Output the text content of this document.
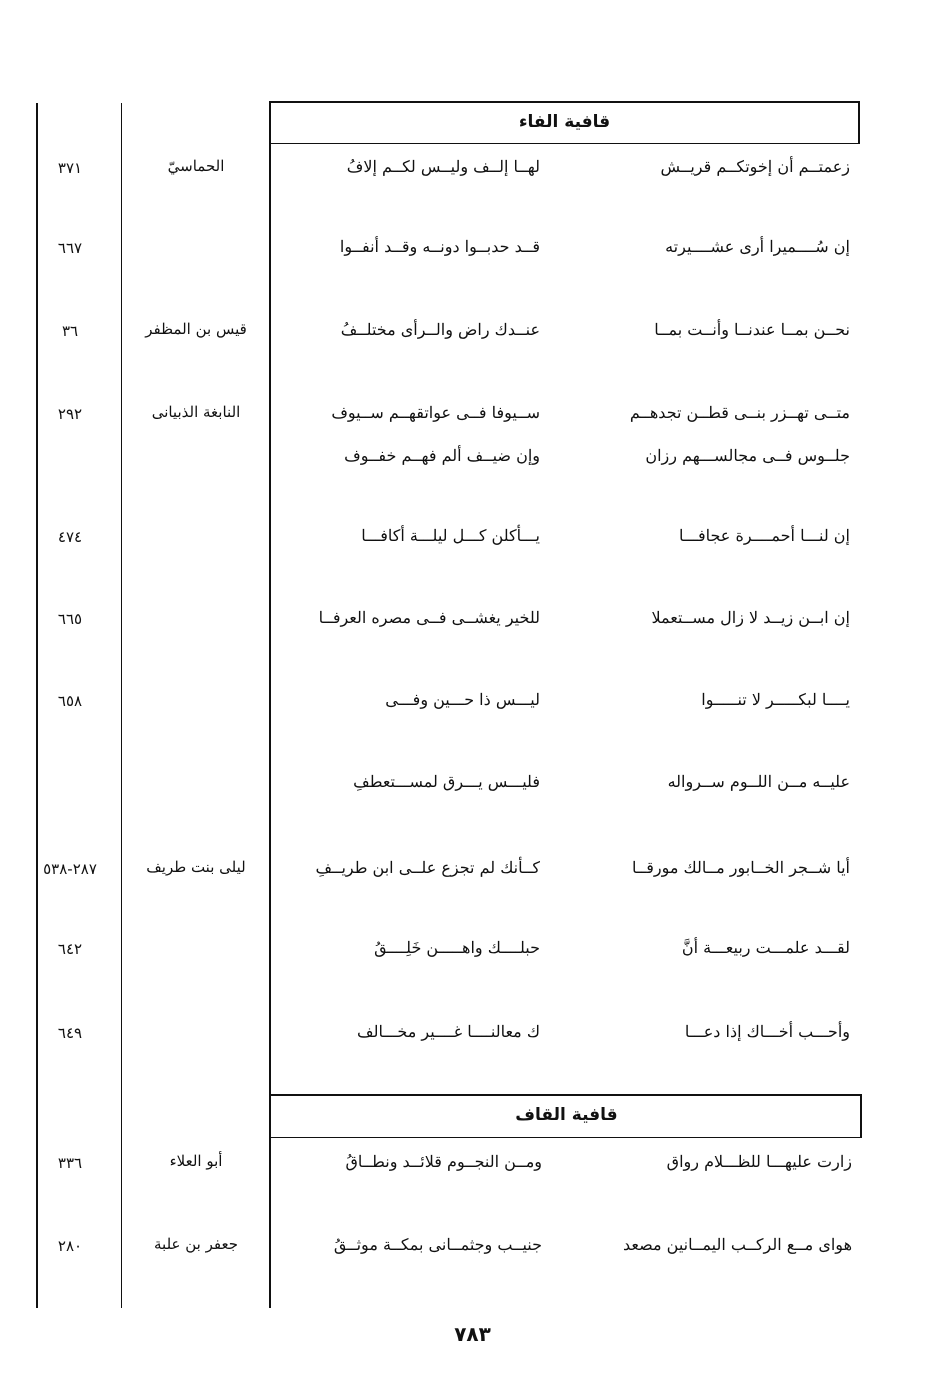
قافية الفاء
قافية القاف
زعمتــم أن إخوتكــم قريــش
لهــا إلــف وليــس لكــم إلافُ
الحماسيّ
٣٧١
إن سُــــميرا أرى عشــــيرته
قــد حدبــوا دونــه وقــد أنفــوا
٦٦٧
نحــن بمــا عندنــا وأنــت بمــا
عنــدك راض والــرأى مختلــفُ
قيس بن المظفر
٣٦
متــى تهــزر بنــى قطــن تجدهــم
ســيوفا فــى عواتقهــم ســيوف
النابغة الذبيانى
٢٩٢
جلــوس فــى مجالســـهم رزان
وإن ضيــف ألم فهــم خفــوف
إن لنـــا أحمــــرة عجافـــا
يـــأكلن كـــل ليلـــة أكافـــا
٤٧٤
إن ابــن زيــد لا زال مســتعملا
للخير يغشــى فــى مصره العرفــا
٦٦٥
يــــا لبكـــــر لا تنـــــوا
ليـــس ذا حـــين وفـــى
٦٥٨
عليــه مــن اللــوم ســرواله
فليـــس يـــرق لمســـتعطفِ
أيا شــجر الخــابور مــالك مورقــا
كــأنك لم تجزع علــى ابن طريــفِ
ليلى بنت طريف
٢٨٧-٥٣٨
لقـــد علمـــت ربيعـــة أنَّ
حبلــــك واهـــــن خَلِــــقُ
٦٤٢
وأحـــب أخـــاك إذا دعـــا
ك معالنــــا غــــير مخـــالف
٦٤٩
زارت عليهـــا للظـــلام رواق
ومــن النجــوم قلائــد ونطــاقُ
أبو العلاء
٣٣٦
هواى مــع الركــب اليمــانين مصعد
جنيــب وجثمــانى بمكــة موثــقُ
جعفر بن علبة
٢٨٠
٧٨٣
